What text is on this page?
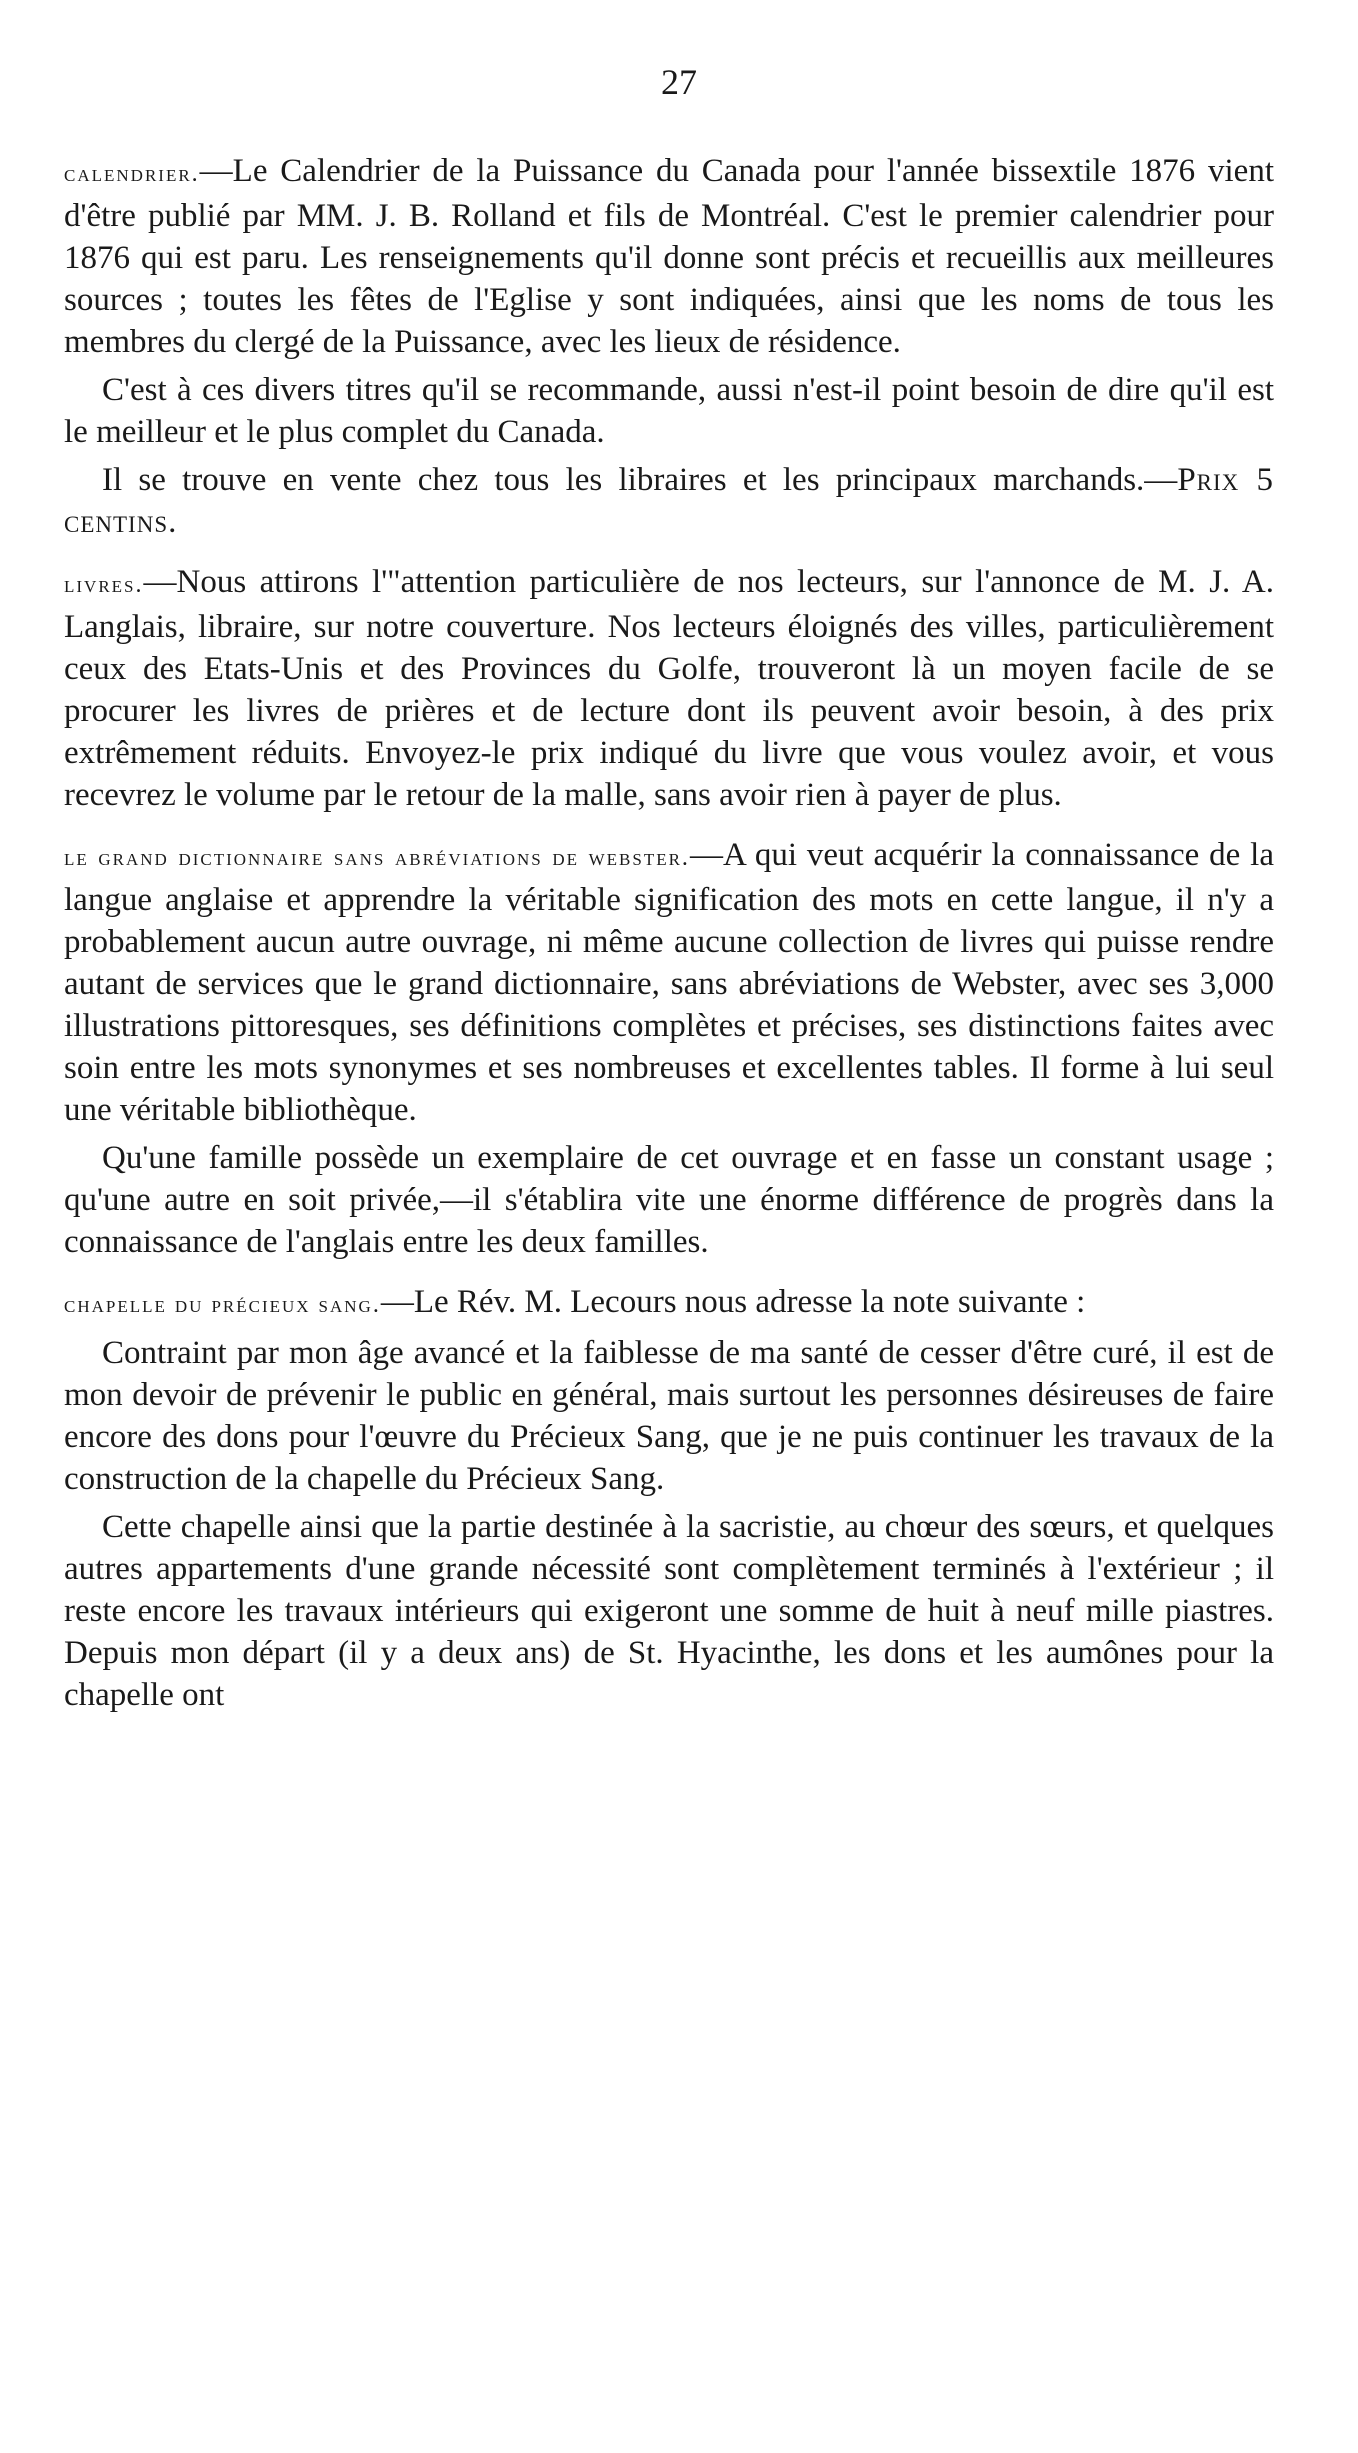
27

calendrier.—Le Calendrier de la Puissance du Canada pour l'année bissextile 1876 vient d'être publié par MM. J. B. Rolland et fils de Montréal. C'est le premier calendrier pour 1876 qui est paru. Les renseignements qu'il donne sont précis et recueillis aux meilleures sources ; toutes les fêtes de l'Eglise y sont indiquées, ainsi que les noms de tous les membres du clergé de la Puissance, avec les lieux de résidence.

C'est à ces divers titres qu'il se recommande, aussi n'est-il point besoin de dire qu'il est le meilleur et le plus complet du Canada.

Il se trouve en vente chez tous les libraires et les principaux marchands.—Prix 5 centins.

livres.—Nous attirons l'"attention particulière de nos lecteurs, sur l'annonce de M. J. A. Langlais, libraire, sur notre couverture. Nos lecteurs éloignés des villes, particulièrement ceux des Etats-Unis et des Provinces du Golfe, trouveront là un moyen facile de se procurer les livres de prières et de lecture dont ils peuvent avoir besoin, à des prix extrêmement réduits. Envoyez-le prix indiqué du livre que vous voulez avoir, et vous recevrez le volume par le retour de la malle, sans avoir rien à payer de plus.

le grand dictionnaire sans abréviations de webster.—A qui veut acquérir la connaissance de la langue anglaise et apprendre la véritable signification des mots en cette langue, il n'y a probablement aucun autre ouvrage, ni même aucune collection de livres qui puisse rendre autant de services que le grand dictionnaire, sans abréviations de Webster, avec ses 3,000 illustrations pittoresques, ses définitions complètes et précises, ses distinctions faites avec soin entre les mots synonymes et ses nombreuses et excellentes tables. Il forme à lui seul une véritable bibliothèque.

Qu'une famille possède un exemplaire de cet ouvrage et en fasse un constant usage ; qu'une autre en soit privée,—il s'établira vite une énorme différence de progrès dans la connaissance de l'anglais entre les deux familles.

chapelle du précieux sang.—Le Rév. M. Lecours nous adresse la note suivante :

Contraint par mon âge avancé et la faiblesse de ma santé de cesser d'être curé, il est de mon devoir de prévenir le public en général, mais surtout les personnes désireuses de faire encore des dons pour l'œuvre du Précieux Sang, que je ne puis continuer les travaux de la construction de la chapelle du Précieux Sang.

Cette chapelle ainsi que la partie destinée à la sacristie, au chœur des sœurs, et quelques autres appartements d'une grande nécessité sont complètement terminés à l'extérieur ; il reste encore les travaux intérieurs qui exigeront une somme de huit à neuf mille piastres. Depuis mon départ (il y a deux ans) de St. Hyacinthe, les dons et les aumônes pour la chapelle ont
